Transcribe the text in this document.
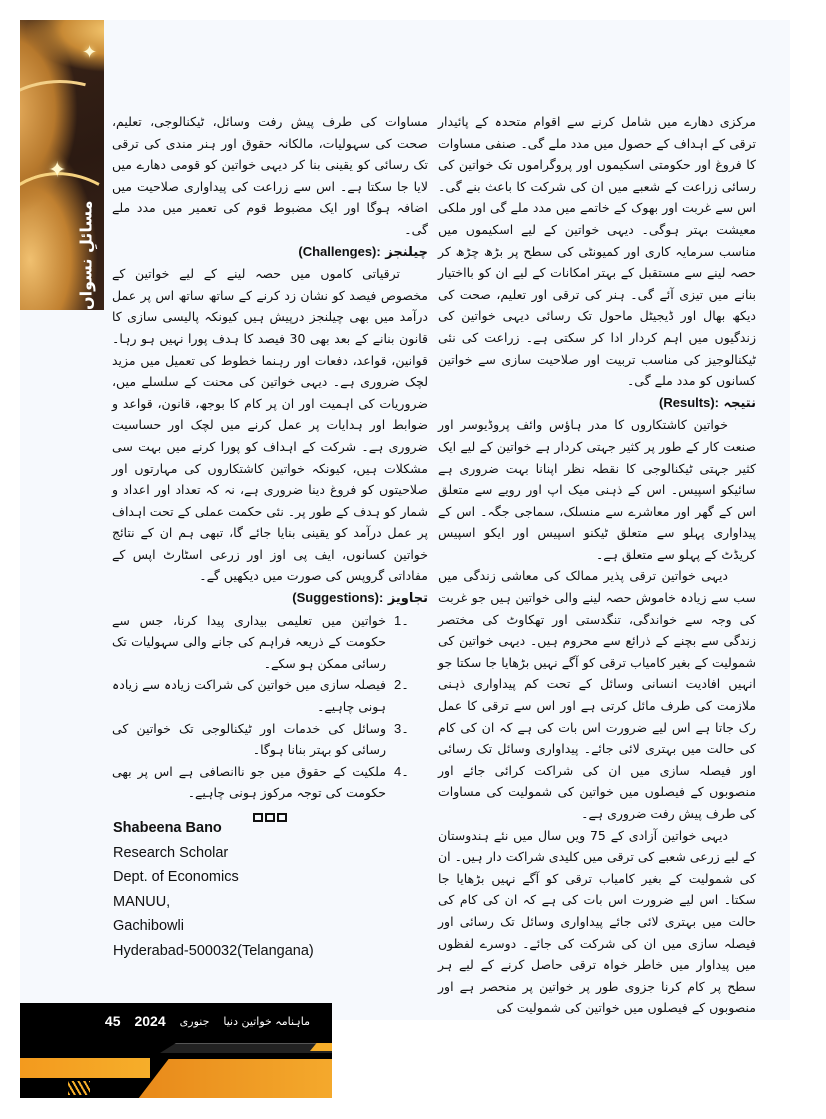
✦
✦
مسائلِ نسواں

مرکزی دھارے میں شامل کرنے سے اقوام متحدہ کے پائیدار ترقی کے اہداف کے حصول میں مدد ملے گی۔ صنفی مساوات کا فروغ اور حکومتی اسکیموں اور پروگراموں تک خواتین کی رسائی زراعت کے شعبے میں ان کی شرکت کا باعث بنے گی۔ اس سے غربت اور بھوک کے خاتمے میں مدد ملے گی اور ملکی معیشت بہتر ہوگی۔ دیہی خواتین کے لیے اسکیموں میں مناسب سرمایہ کاری اور کمیونٹی کی سطح پر بڑھ چڑھ کر حصہ لینے سے مستقبل کے بہتر امکانات کے لیے ان کو بااختیار بنانے میں تیزی آئے گی۔ ہنر کی ترقی اور تعلیم، صحت کی دیکھ بھال اور ڈیجیٹل ماحول تک رسائی دیہی خواتین کی زندگیوں میں اہم کردار ادا کر سکتی ہے۔ زراعت کی نئی ٹیکنالوجیز کی مناسب تربیت اور صلاحیت سازی سے خواتین کسانوں کو مدد ملے گی۔

نتیجہ (Results):

خواتین کاشتکاروں کا مدر ہاؤس وائف پروڈیوسر اور صنعت کار کے طور پر کثیر جہتی کردار ہے خواتین کے لیے ایک کثیر جہتی ٹیکنالوجی کا نقطہ نظر اپنانا بہت ضروری ہے سائیکو اسپیس۔ اس کے ذہنی میک اپ اور رویے سے متعلق اس کے گھر اور معاشرے سے منسلک، سماجی جگہ۔ اس کے پیداواری پہلو سے متعلق ٹیکنو اسپیس اور ایکو اسپیس کریڈٹ کے پہلو سے متعلق ہے۔

دیہی خواتین ترقی پذیر ممالک کی معاشی زندگی میں سب سے زیادہ خاموش حصہ لینے والی خواتین ہیں جو غربت کی وجہ سے خواندگی، تنگدستی اور تھکاوٹ کی مختصر زندگی سے بچنے کے ذرائع سے محروم ہیں۔ دیہی خواتین کی شمولیت کے بغیر کامیاب ترقی کو آگے نہیں بڑھایا جا سکتا جو انہیں افادیت انسانی وسائل کے تحت کم پیداواری ذہنی ملازمت کی طرف مائل کرتی ہے اور اس سے ترقی کا عمل رک جاتا ہے اس لیے ضرورت اس بات کی ہے کہ ان کی کام کی حالت میں بہتری لائی جائے۔ پیداواری وسائل تک رسائی اور فیصلہ سازی میں ان کی شراکت کرائی جائے اور منصوبوں کے فیصلوں میں خواتین کی شمولیت کی مساوات کی طرف پیش رفت ضروری ہے۔

دیہی خواتین آزادی کے 75 ویں سال میں نئے ہندوستان کے لیے زرعی شعبے کی ترقی میں کلیدی شراکت دار ہیں۔ ان کی شمولیت کے بغیر کامیاب ترقی کو آگے نہیں بڑھایا جا سکتا۔ اس لیے ضرورت اس بات کی ہے کہ ان کی کام کی حالت میں بہتری لائی جائے پیداواری وسائل تک رسائی اور فیصلہ سازی میں ان کی شرکت کی جائے۔ دوسرے لفظوں میں پیداوار میں خاطر خواہ ترقی حاصل کرنے کے لیے ہر سطح پر کام کرنا جزوی طور پر خواتین پر منحصر ہے اور منصوبوں کے فیصلوں میں خواتین کی شمولیت کی

مساوات کی طرف پیش رفت وسائل، ٹیکنالوجی، تعلیم، صحت کی سہولیات، مالکانہ حقوق اور ہنر مندی کی ترقی تک رسائی کو یقینی بنا کر دیہی خواتین کو قومی دھارے میں لایا جا سکتا ہے۔ اس سے زراعت کی پیداواری صلاحیت میں اضافہ ہوگا اور ایک مضبوط قوم کی تعمیر میں مدد ملے گی۔

چیلنجز (Challenges):

ترقیاتی کاموں میں حصہ لینے کے لیے خواتین کے مخصوص فیصد کو نشان زد کرنے کے ساتھ ساتھ اس پر عمل درآمد میں بھی چیلنجز درپیش ہیں کیونکہ پالیسی سازی کا قانون بنانے کے بعد بھی 30 فیصد کا ہدف پورا نہیں ہو رہا۔ قوانین، قواعد، دفعات اور رہنما خطوط کی تعمیل میں مزید لچک ضروری ہے۔ دیہی خواتین کی محنت کے سلسلے میں، ضروریات کی اہمیت اور ان پر کام کا بوجھ، قانون، قواعد و ضوابط اور ہدایات پر عمل کرنے میں لچک اور حساسیت ضروری ہے۔ شرکت کے اہداف کو پورا کرنے میں بہت سی مشکلات ہیں، کیونکہ خواتین کاشتکاروں کی مہارتوں اور صلاحیتوں کو فروغ دینا ضروری ہے، نہ کہ تعداد اور اعداد و شمار کو ہدف کے طور پر۔ نئی حکمت عملی کے تحت اہداف پر عمل درآمد کو یقینی بنایا جائے گا، تبھی ہم ان کے نتائج خواتین کسانوں، ایف پی اوز اور زرعی اسٹارٹ اپس کے مفاداتی گروپس کی صورت میں دیکھیں گے۔

تجاویز (Suggestions):
1۔
خواتین میں تعلیمی بیداری پیدا کرنا، جس سے حکومت کے ذریعہ فراہم کی جانے والی سہولیات تک رسائی ممکن ہو سکے۔
2۔
فیصلہ سازی میں خواتین کی شراکت زیادہ سے زیادہ ہونی چاہیے۔
3۔
وسائل کی خدمات اور ٹیکنالوجی تک خواتین کی رسائی کو بہتر بنانا ہوگا۔
4۔
ملکیت کے حقوق میں جو ناانصافی ہے اس پر بھی حکومت کی توجہ مرکوز ہونی چاہیے۔
Shabeena Bano
Research Scholar
Dept. of Economics
MANUU,
Gachibowli
Hyderabad-500032(Telangana)
45 2024 جنوری ماہنامہ خواتین دنیا
